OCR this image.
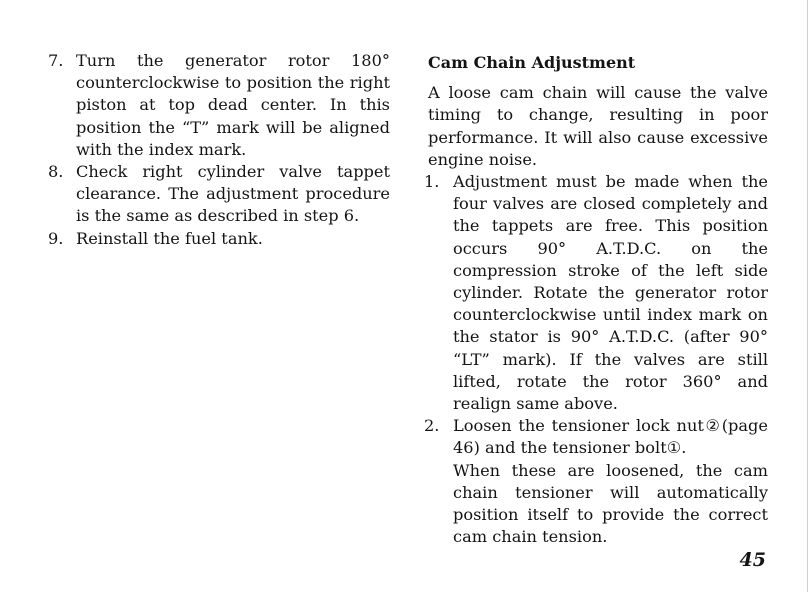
7. Turn the generator rotor 180° counterclockwise to position the right piston at top dead center. In this position the “T” mark will be aligned with the index mark.
8. Check right cylinder valve tappet clearance. The adjustment procedure is the same as described in step 6.
9. Reinstall the fuel tank.
Cam Chain Adjustment

A loose cam chain will cause the valve timing to change, resulting in poor performance. It will also cause excessive engine noise.

1. Adjustment must be made when the four valves are closed completely and the tappets are free. This position occurs 90° A.T.D.C. on the compression stroke of the left side cylinder. Rotate the generator rotor counterclockwise until index mark on the stator is 90° A.T.D.C. (after 90° “LT” mark). If the valves are still lifted, rotate the rotor 360° and realign same above.
2. Loosen the tensioner lock nut②(page 46) and the tensioner bolt①.
When these are loosened, the cam chain tensioner will automatically position itself to provide the correct cam chain tension.
45
